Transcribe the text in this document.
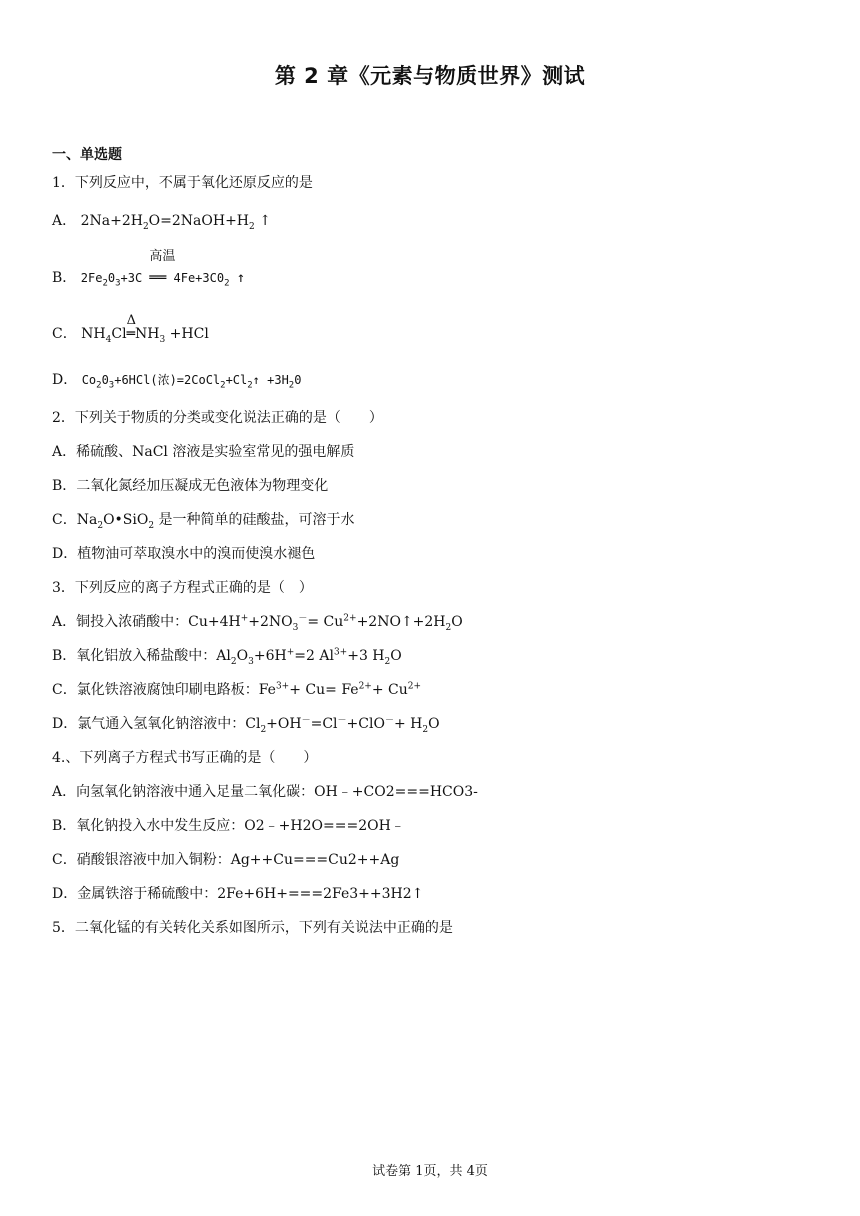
第 2 章《元素与物质世界》测试
一、单选题
1．下列反应中，不属于氧化还原反应的是
A． $2Na+2H_2O=2NaOH+H_2$ ↑
B． $2Fe_20_3+3C$
高温
══ $4Fe+3C0_2$ ↑
C． $NH_4Cl$
Δ
$═NH_3 +HCl$
D． $Co_20_3+6HCl$(浓)$=2CoCl_2+Cl_2↑ +3H_20$
2．下列关于物质的分类或变化说法正确的是（　　）
A．稀硫酸、NaCl 溶液是实验室常见的强电解质
B．二氧化氮经加压凝成无色液体为物理变化
C．$Na_2O•SiO_2$ 是一种简单的硅酸盐，可溶于水
D．植物油可萃取溴水中的溴而使溴水褪色
3．下列反应的离子方程式正确的是（　）
A．铜投入浓硝酸中：$Cu+4H^++2NO_3^-=$ $Cu^{2+}+2NO↑+2H_2O$
B．氧化铝放入稀盐酸中：$Al_2O_3+6H^+=2$ $Al^{3+}+3$ $H_2O$
C．氯化铁溶液腐蚀印刷电路板：$Fe^{3+}+ Cu= Fe^{2+}+ Cu^{2+}$
D．氯气通入氢氧化钠溶液中：$Cl_2+OH^-=Cl^-+ClO^-+ H_2O$
4.、下列离子方程式书写正确的是（　　）
A．向氢氧化钠溶液中通入足量二氧化碳：OH﹣+CO2===HCO3-
B．氧化钠投入水中发生反应：O2﹣+H2O===2OH﹣
C．硝酸银溶液中加入铜粉：Ag++Cu===Cu2++Ag
D．金属铁溶于稀硫酸中：2Fe+6H+===2Fe3++3H2↑
5．二氧化锰的有关转化关系如图所示，下列有关说法中正确的是
试卷第 1页，共 4页
